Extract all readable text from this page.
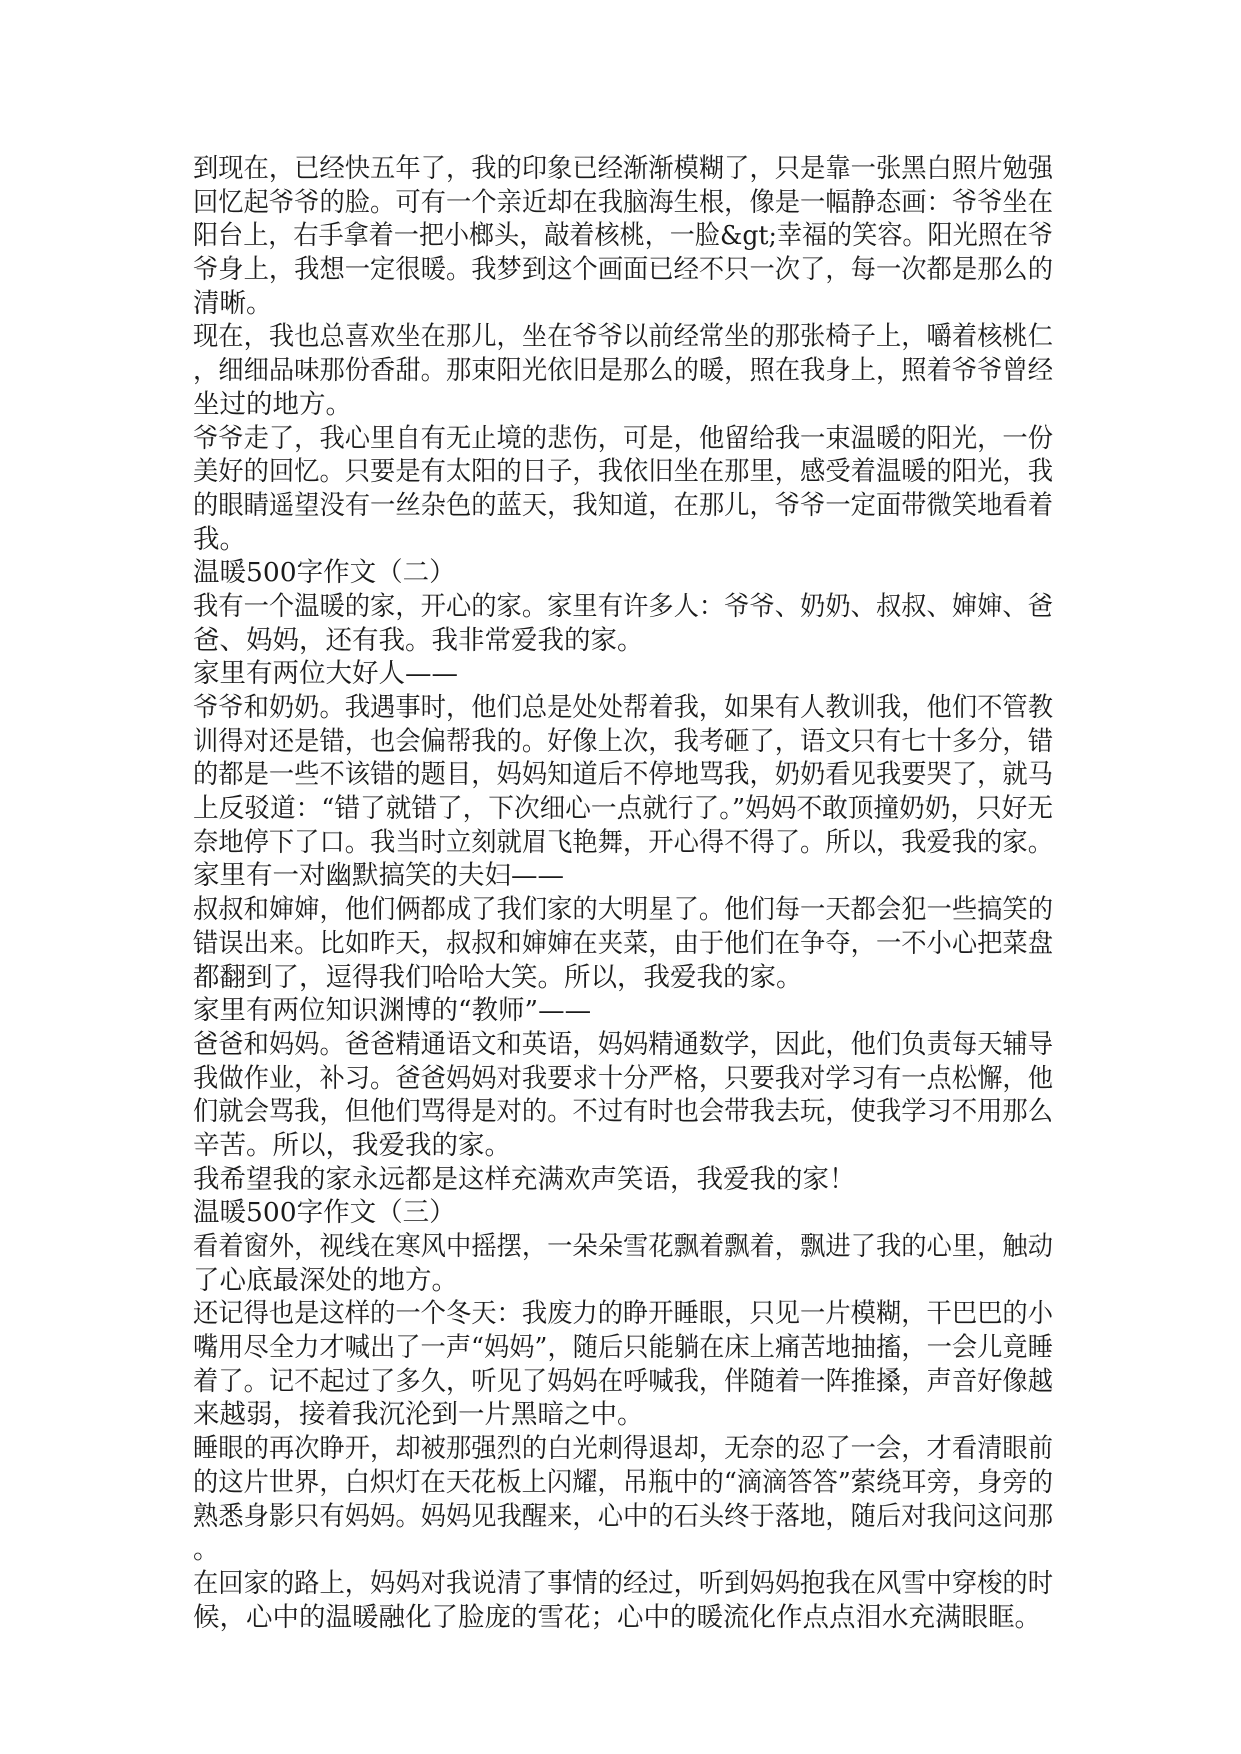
到现在，已经快五年了，我的印象已经渐渐模糊了，只是靠一张黑白照片勉强
回忆起爷爷的脸。可有一个亲近却在我脑海生根，像是一幅静态画：爷爷坐在
阳台上，右手拿着一把小榔头，敲着核桃，一脸&gt;幸福的笑容。阳光照在爷
爷身上，我想一定很暖。我梦到这个画面已经不只一次了，每一次都是那么的
清晰。
现在，我也总喜欢坐在那儿，坐在爷爷以前经常坐的那张椅子上，嚼着核桃仁
，细细品味那份香甜。那束阳光依旧是那么的暖，照在我身上，照着爷爷曾经
坐过的地方。
爷爷走了，我心里自有无止境的悲伤，可是，他留给我一束温暖的阳光，一份
美好的回忆。只要是有太阳的日子，我依旧坐在那里，感受着温暖的阳光，我
的眼睛遥望没有一丝杂色的蓝天，我知道，在那儿，爷爷一定面带微笑地看着
我。
温暖500字作文（二）
我有一个温暖的家，开心的家。家里有许多人：爷爷、奶奶、叔叔、婶婶、爸
爸、妈妈，还有我。我非常爱我的家。
家里有两位大好人——
爷爷和奶奶。我遇事时，他们总是处处帮着我，如果有人教训我，他们不管教
训得对还是错，也会偏帮我的。好像上次，我考砸了，语文只有七十多分，错
的都是一些不该错的题目，妈妈知道后不停地骂我，奶奶看见我要哭了，就马
上反驳道：“错了就错了，下次细心一点就行了。”妈妈不敢顶撞奶奶，只好无
奈地停下了口。我当时立刻就眉飞艳舞，开心得不得了。所以，我爱我的家。
家里有一对幽默搞笑的夫妇——
叔叔和婶婶，他们俩都成了我们家的大明星了。他们每一天都会犯一些搞笑的
错误出来。比如昨天，叔叔和婶婶在夹菜，由于他们在争夺，一不小心把菜盘
都翻到了，逗得我们哈哈大笑。所以，我爱我的家。
家里有两位知识渊博的“教师”——
爸爸和妈妈。爸爸精通语文和英语，妈妈精通数学，因此，他们负责每天辅导
我做作业，补习。爸爸妈妈对我要求十分严格，只要我对学习有一点松懈，他
们就会骂我，但他们骂得是对的。不过有时也会带我去玩，使我学习不用那么
辛苦。所以，我爱我的家。
我希望我的家永远都是这样充满欢声笑语，我爱我的家！
温暖500字作文（三）
看着窗外，视线在寒风中摇摆，一朵朵雪花飘着飘着，飘进了我的心里，触动
了心底最深处的地方。
还记得也是这样的一个冬天：我废力的睁开睡眼，只见一片模糊，干巴巴的小
嘴用尽全力才喊出了一声“妈妈”，随后只能躺在床上痛苦地抽搐，一会儿竟睡
着了。记不起过了多久，听见了妈妈在呼喊我，伴随着一阵推搡，声音好像越
来越弱，接着我沉沦到一片黑暗之中。
睡眼的再次睁开，却被那强烈的白光刺得退却，无奈的忍了一会，才看清眼前
的这片世界，白炽灯在天花板上闪耀，吊瓶中的“滴滴答答”萦绕耳旁，身旁的
熟悉身影只有妈妈。妈妈见我醒来，心中的石头终于落地，随后对我问这问那
。
在回家的路上，妈妈对我说清了事情的经过，听到妈妈抱我在风雪中穿梭的时
候，心中的温暖融化了脸庞的雪花；心中的暖流化作点点泪水充满眼眶。
